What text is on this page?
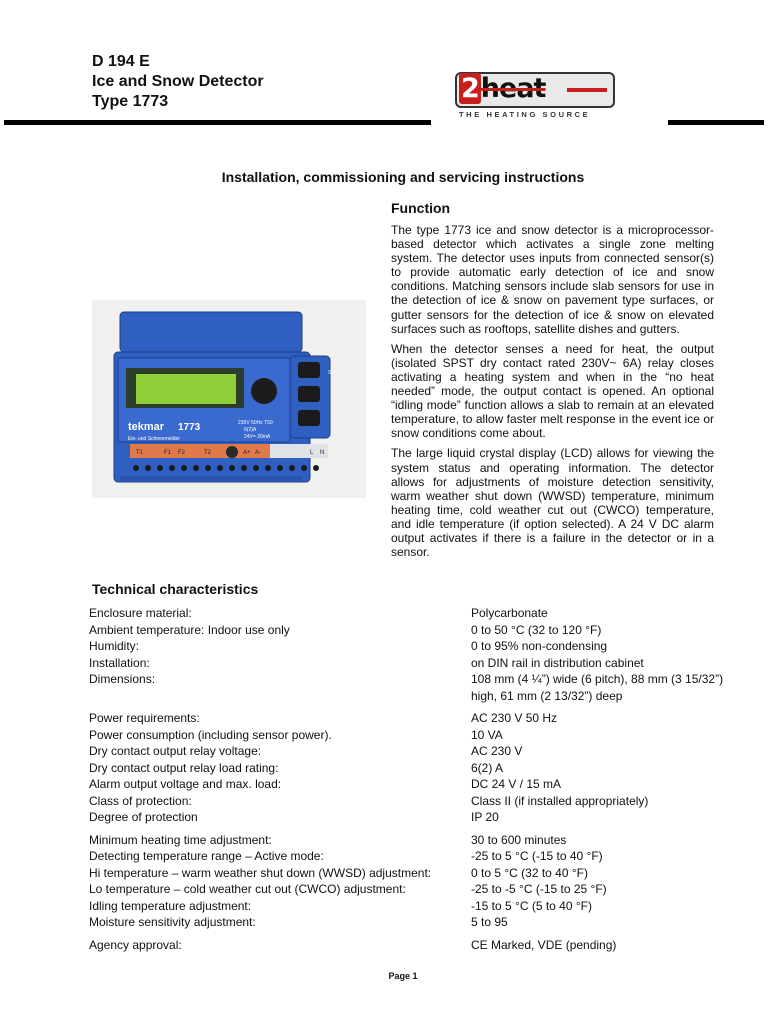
D 194 E
Ice and Snow Detector
Type 1773	2heat
THE HEATING SOURCE
Installation, commissioning and servicing instructions
Function

The type 1773 ice and snow detector is a microprocessor-based detector which activates a single zone melting system. The detector uses inputs from connected sensor(s) to provide automatic early detection of ice and snow conditions. Matching sensors include slab sensors for use in the detection of ice & snow on pavement type surfaces, or gutter sensors for the detection of ice & snow on elevated surfaces such as rooftops, satellite dishes and gutters.

When the detector senses a need for heat, the output (isolated SPST dry contact rated 230V~ 6A) relay closes activating a heating system and when in the “no heat needed” mode, the output contact is opened. An optional “idling mode” function allows a slab to remain at an elevated temperature, to allow faster melt response in the event ice or snow conditions come about.

The large liquid crystal display (LCD) allows for viewing the system status and operating information. The detector allows for adjustments of moisture detection sensitivity, warm weather shut down (WWSD) temperature, minimum heating time, cold weather cut out (CWCO) temperature, and idle temperature (if option selected). A 24 V DC alarm output activates if there is a failure in the detector or in a sensor.

Set
tekmar 1773
Eis- und Schneemelder
230V 50Hz T50
6(2)A
24V= 20mA
T1	F1 F2	T2	A+ A-	L N
Technical characteristics
Enclosure material:	Polycarbonate
Ambient temperature: Indoor use only	0 to 50 °C (32 to 120 °F)
Humidity:	0 to 95% non-condensing
Installation:	on DIN rail in distribution cabinet
Dimensions:	108 mm (4 ¼”) wide (6 pitch), 88 mm (3 15/32”) high, 61 mm (2 13/32”) deep
Power requirements:	AC 230 V 50 Hz
Power consumption (including sensor power).	10 VA
Dry contact output relay voltage:	AC 230 V
Dry contact output relay load rating:	6(2) A
Alarm output voltage and max. load:	DC 24 V / 15 mA
Class of protection:	Class II (if installed appropriately)
Degree of protection	IP 20
Minimum heating time adjustment:	30 to 600 minutes
Detecting temperature range – Active mode:	-25 to 5 °C (-15 to 40 °F)
Hi temperature – warm weather shut down (WWSD) adjustment:	0 to 5 °C (32 to 40 °F)
Lo temperature – cold weather cut out (CWCO) adjustment:	-25 to -5 °C (-15 to 25 °F)
Idling temperature adjustment:	-15 to 5 °C (5 to 40 °F)
Moisture sensitivity adjustment:	5 to 95
Agency approval:	CE Marked, VDE (pending)
Page 1
